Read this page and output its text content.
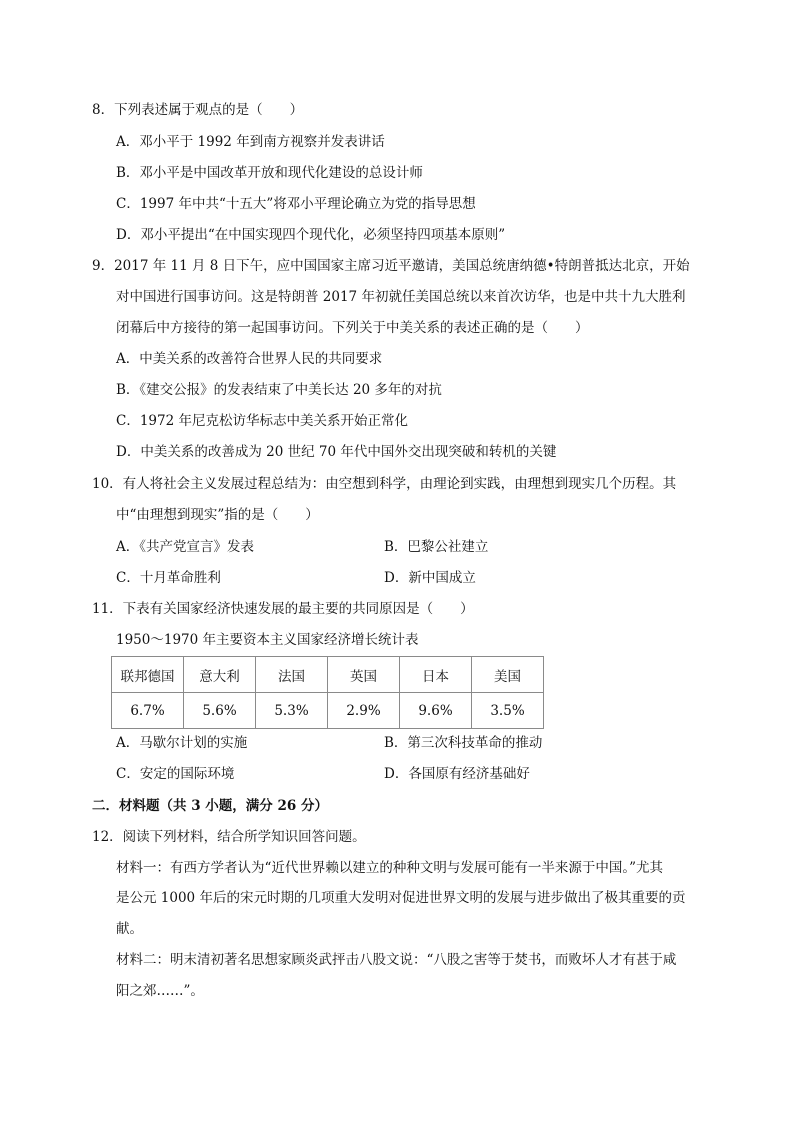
8．下列表述属于观点的是（　　）
A．邓小平于 1992 年到南方视察并发表讲话
B．邓小平是中国改革开放和现代化建设的总设计师
C．1997 年中共“十五大”将邓小平理论确立为党的指导思想
D．邓小平提出“在中国实现四个现代化，必须坚持四项基本原则”
9．2017 年 11 月 8 日下午，应中国国家主席习近平邀请，美国总统唐纳德•特朗普抵达北京，开始
对中国进行国事访问。这是特朗普 2017 年初就任美国总统以来首次访华，也是中共十九大胜利
闭幕后中方接待的第一起国事访问。下列关于中美关系的表述正确的是（　　）
A．中美关系的改善符合世界人民的共同要求
B．《建交公报》的发表结束了中美长达 20 多年的对抗
C．1972 年尼克松访华标志中美关系开始正常化
D．中美关系的改善成为 20 世纪 70 年代中国外交出现突破和转机的关键
10．有人将社会主义发展过程总结为：由空想到科学，由理论到实践，由理想到现实几个历程。其
中“由理想到现实”指的是（　　）
A．《共产党宣言》发表	B．巴黎公社建立
C．十月革命胜利	D．新中国成立
11．下表有关国家经济快速发展的最主要的共同原因是（　　）
1950～1970 年主要资本主义国家经济增长统计表
联邦德国	意大利	法国	英国	日本	美国
6.7%	5.6%	5.3%	2.9%	9.6%	3.5%
A．马歇尔计划的实施	B．第三次科技革命的推动
C．安定的国际环境	D．各国原有经济基础好
二．材料题（共 3 小题，满分 26 分）
12．阅读下列材料，结合所学知识回答问题。
材料一：有西方学者认为“近代世界赖以建立的种种文明与发展可能有一半来源于中国。”尤其
是公元 1000 年后的宋元时期的几项重大发明对促进世界文明的发展与进步做出了极其重要的贡
献。
材料二：明末清初著名思想家顾炎武抨击八股文说：“八股之害等于焚书，而败坏人才有甚于咸
阳之郊……”。
